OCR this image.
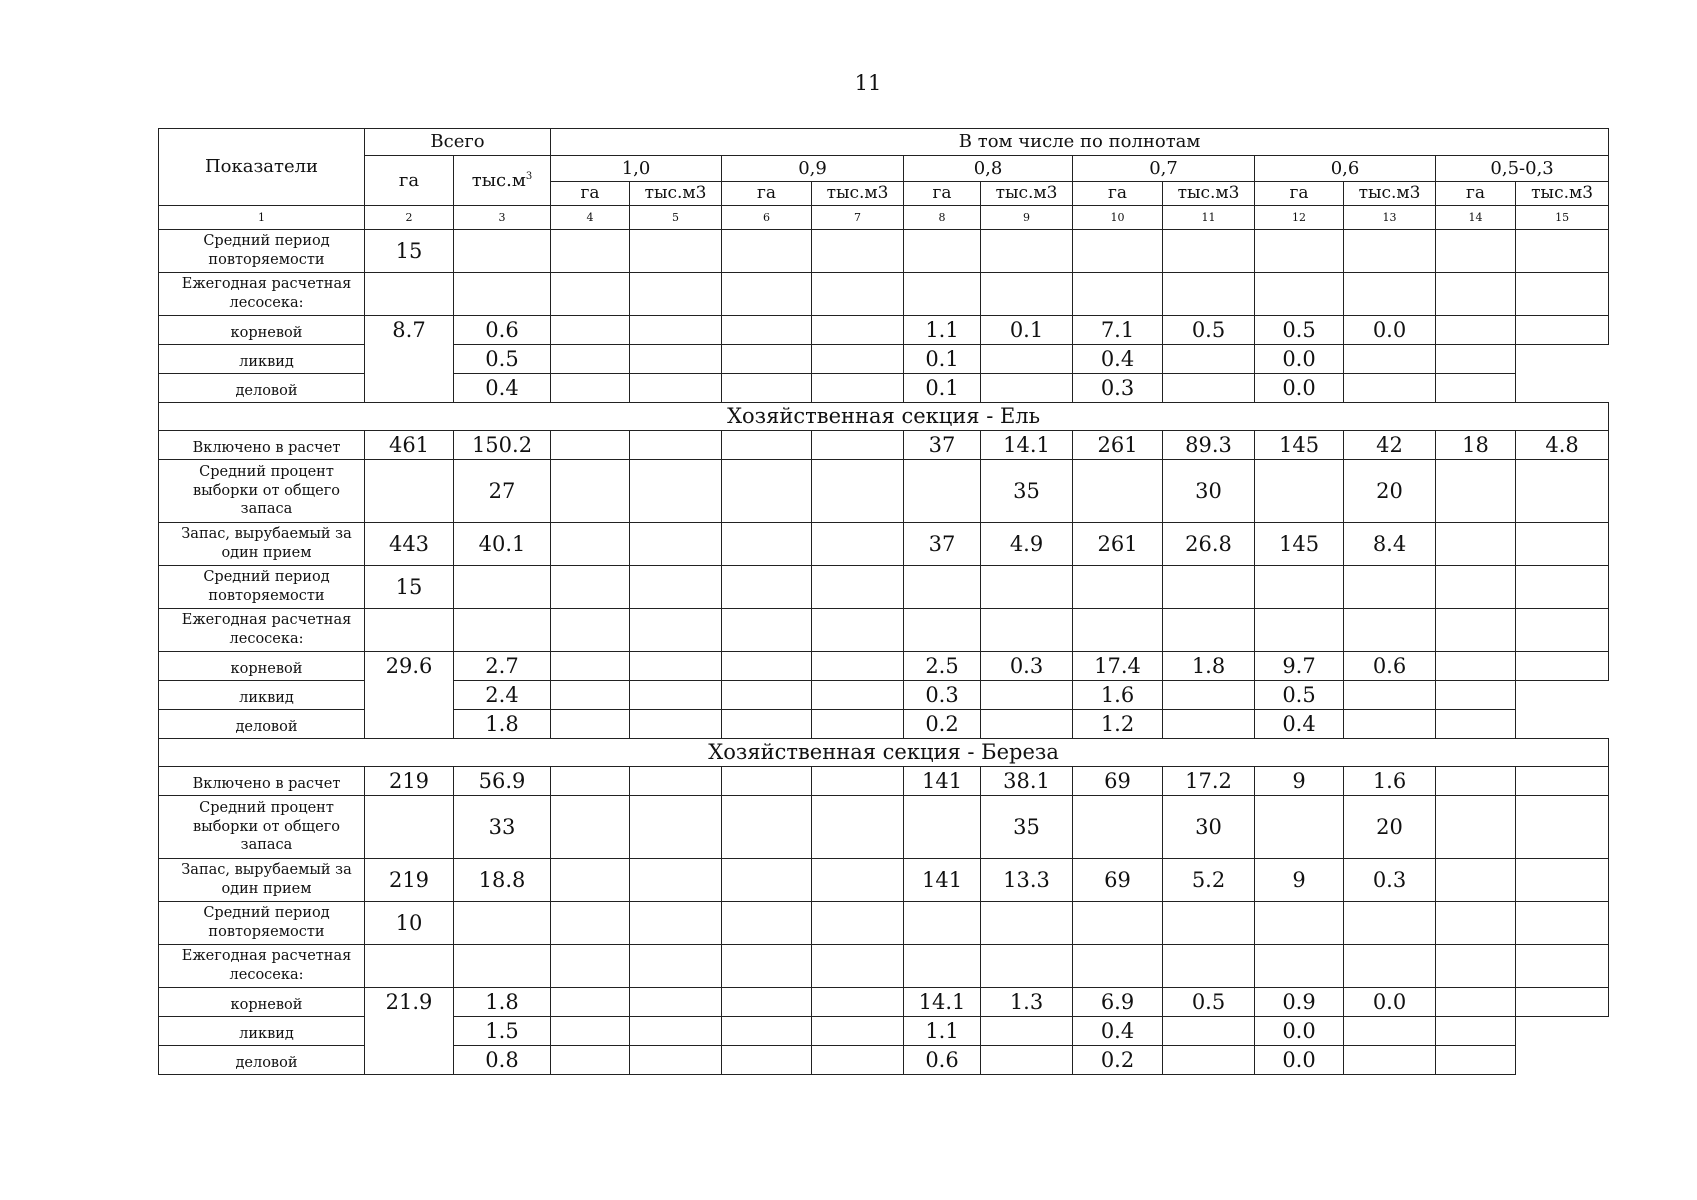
11
Показатели	Всего		В том числе по полнотам											
	га	$тыс.м^3$	1,0		0,9		0,8		0,7		0,6		0,5-0,3	
			га	тыс.м3	га	тыс.м3	га	тыс.м3	га	тыс.м3	га	тыс.м3	га	тыс.м3
1	2	3	4	5	6	7	8	9	10	11	12	13	14	15
Средний период повторяемости	15													
Ежегодная расчетная лесосека:														
корневой	8.7	0.6					1.1	0.1	7.1	0.5	0.5	0.0		
ликвид		0.5					0.1		0.4		0.0			
деловой		0.4					0.1		0.3		0.0			
Хозяйственная секция - Ель														
Включено в расчет	461	150.2					37	14.1	261	89.3	145	42	18	4.8
Средний процент выборки от общего запаса		27						35		30		20		
Запас, вырубаемый за один прием	443	40.1					37	4.9	261	26.8	145	8.4		
Средний период повторяемости	15													
Ежегодная расчетная лесосека:														
корневой	29.6	2.7					2.5	0.3	17.4	1.8	9.7	0.6		
ликвид		2.4					0.3		1.6		0.5			
деловой		1.8					0.2		1.2		0.4			
Хозяйственная секция - Береза														
Включено в расчет	219	56.9					141	38.1	69	17.2	9	1.6		
Средний процент выборки от общего запаса		33						35		30		20		
Запас, вырубаемый за один прием	219	18.8					141	13.3	69	5.2	9	0.3		
Средний период повторяемости	10													
Ежегодная расчетная лесосека:														
корневой	21.9	1.8					14.1	1.3	6.9	0.5	0.9	0.0		
ликвид		1.5					1.1		0.4		0.0			
деловой		0.8					0.6		0.2		0.0			
